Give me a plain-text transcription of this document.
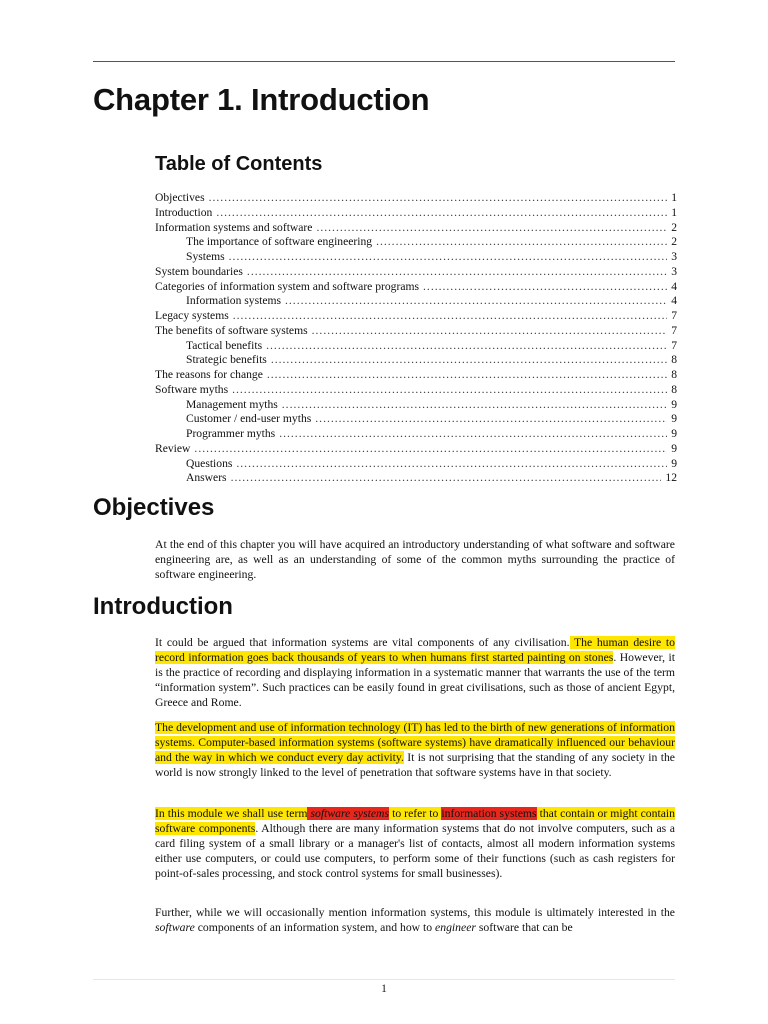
Chapter 1. Introduction
Table of Contents
Objectives .....	1
Introduction .....	1
Information systems and software .....	2
The importance of software engineering .....	2
Systems .....	3
System boundaries .....	3
Categories of information system and software programs .....	4
Information systems .....	4
Legacy systems .....	7
The benefits of software systems .....	7
Tactical benefits .....	7
Strategic benefits .....	8
The reasons for change .....	8
Software myths .....	8
Management myths .....	9
Customer / end-user myths .....	9
Programmer myths .....	9
Review .....	9
Questions .....	9
Answers .....	12
Objectives

At the end of this chapter you will have acquired an introductory understanding of what software and software engineering are, as well as an understanding of some of the common myths surrounding the practice of software engineering.

Introduction

It could be argued that information systems are vital components of any civilisation. The human desire to record information goes back thousands of years to when humans first started painting on stones. However, it is the practice of recording and displaying information in a systematic manner that warrants the use of the term “information system”. Such practices can be easily found in great civilisations, such as those of ancient Egypt, Greece and Rome.

The development and use of information technology (IT) has led to the birth of new generations of information systems. Computer-based information systems (software systems) have dramatically influenced our behaviour and the way in which we conduct every day activity. It is not surprising that the standing of any society in the world is now strongly linked to the level of penetration that software systems have in that society.

In this module we shall use term software systems to refer to information systems that contain or might contain software components. Although there are many information systems that do not involve computers, such as a card filing system of a small library or a manager's list of contacts, almost all modern information systems either use computers, or could use computers, to perform some of their functions (such as cash registers for point-of-sales processing, and stock control systems for small businesses).

Further, while we will occasionally mention information systems, this module is ultimately interested in the software components of an information system, and how to engineer software that can be

1
